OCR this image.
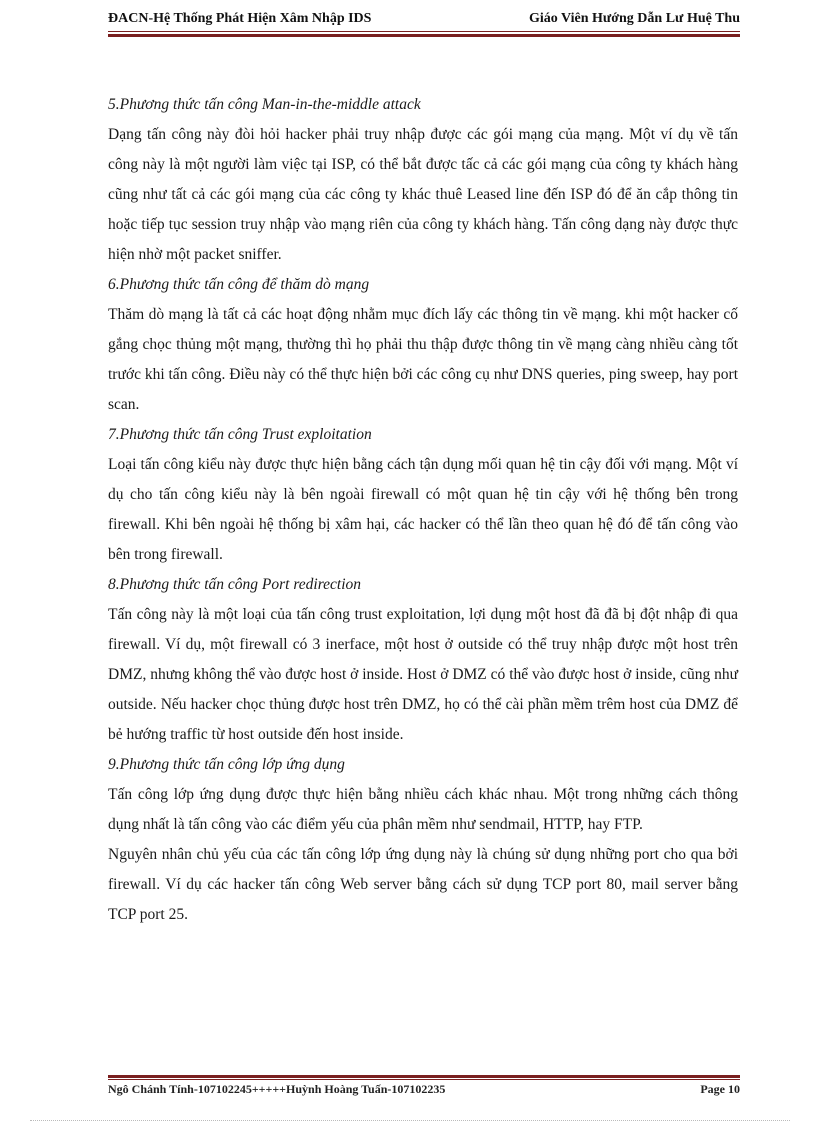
ĐACN-Hệ Thống Phát Hiện Xâm Nhập IDS	Giáo Viên Hướng Dẫn Lư Huệ Thu
5.Phương thức tấn công Man-in-the-middle attack

Dạng tấn công này đòi hỏi hacker phải truy nhập được các gói mạng của mạng. Một ví dụ về tấn công này là một người làm việc tại ISP, có thể bắt được tấc cả các gói mạng của công ty khách hàng cũng như tất cả các gói mạng của các công ty khác thuê Leased line đến ISP đó để ăn cắp thông tin hoặc tiếp tục session truy nhập vào mạng riên của công ty khách hàng. Tấn công dạng này được thực hiện nhờ một packet sniffer.

6.Phương thức tấn công để thăm dò mạng

Thăm dò mạng là tất cả các hoạt động nhằm mục đích lấy các thông tin về mạng. khi một hacker cố gắng chọc thủng một mạng, thường thì họ phải thu thập được thông tin về mạng càng nhiều càng tốt trước khi tấn công. Điều này có thể thực hiện bởi các công cụ như DNS queries, ping sweep, hay port scan.

7.Phương thức tấn công Trust exploitation

Loại tấn công kiểu này được thực hiện bằng cách tận dụng mối quan hệ tin cậy đối với mạng. Một ví dụ cho tấn công kiểu này là bên ngoài firewall có một quan hệ tin cậy với hệ thống bên trong firewall. Khi bên ngoài hệ thống bị xâm hại, các hacker có thể lần theo quan hệ đó để tấn công vào bên trong firewall.

8.Phương thức tấn công Port redirection

Tấn công này là một loại của tấn công trust exploitation, lợi dụng một host đã đã bị đột nhập đi qua firewall. Ví dụ, một firewall có 3 inerface, một host ở outside có thể truy nhập được một host trên DMZ, nhưng không thể vào được host ở inside. Host ở DMZ có thể vào được host ở inside, cũng như outside. Nếu hacker chọc thủng được host trên DMZ, họ có thể cài phần mềm trêm host của DMZ để bẻ hướng traffic từ host outside đến host inside.

9.Phương thức tấn công lớp ứng dụng

Tấn công lớp ứng dụng được thực hiện bằng nhiều cách khác nhau. Một trong những cách thông dụng nhất là tấn công vào các điểm yếu của phân mềm như sendmail, HTTP, hay FTP.

Nguyên nhân chủ yếu của các tấn công lớp ứng dụng này là chúng sử dụng những port cho qua bởi firewall. Ví dụ các hacker tấn công Web server bằng cách sử dụng TCP port 80, mail server bằng TCP port 25.

Ngô Chánh Tính-107102245+++++Huỳnh Hoàng Tuấn-107102235	Page 10
